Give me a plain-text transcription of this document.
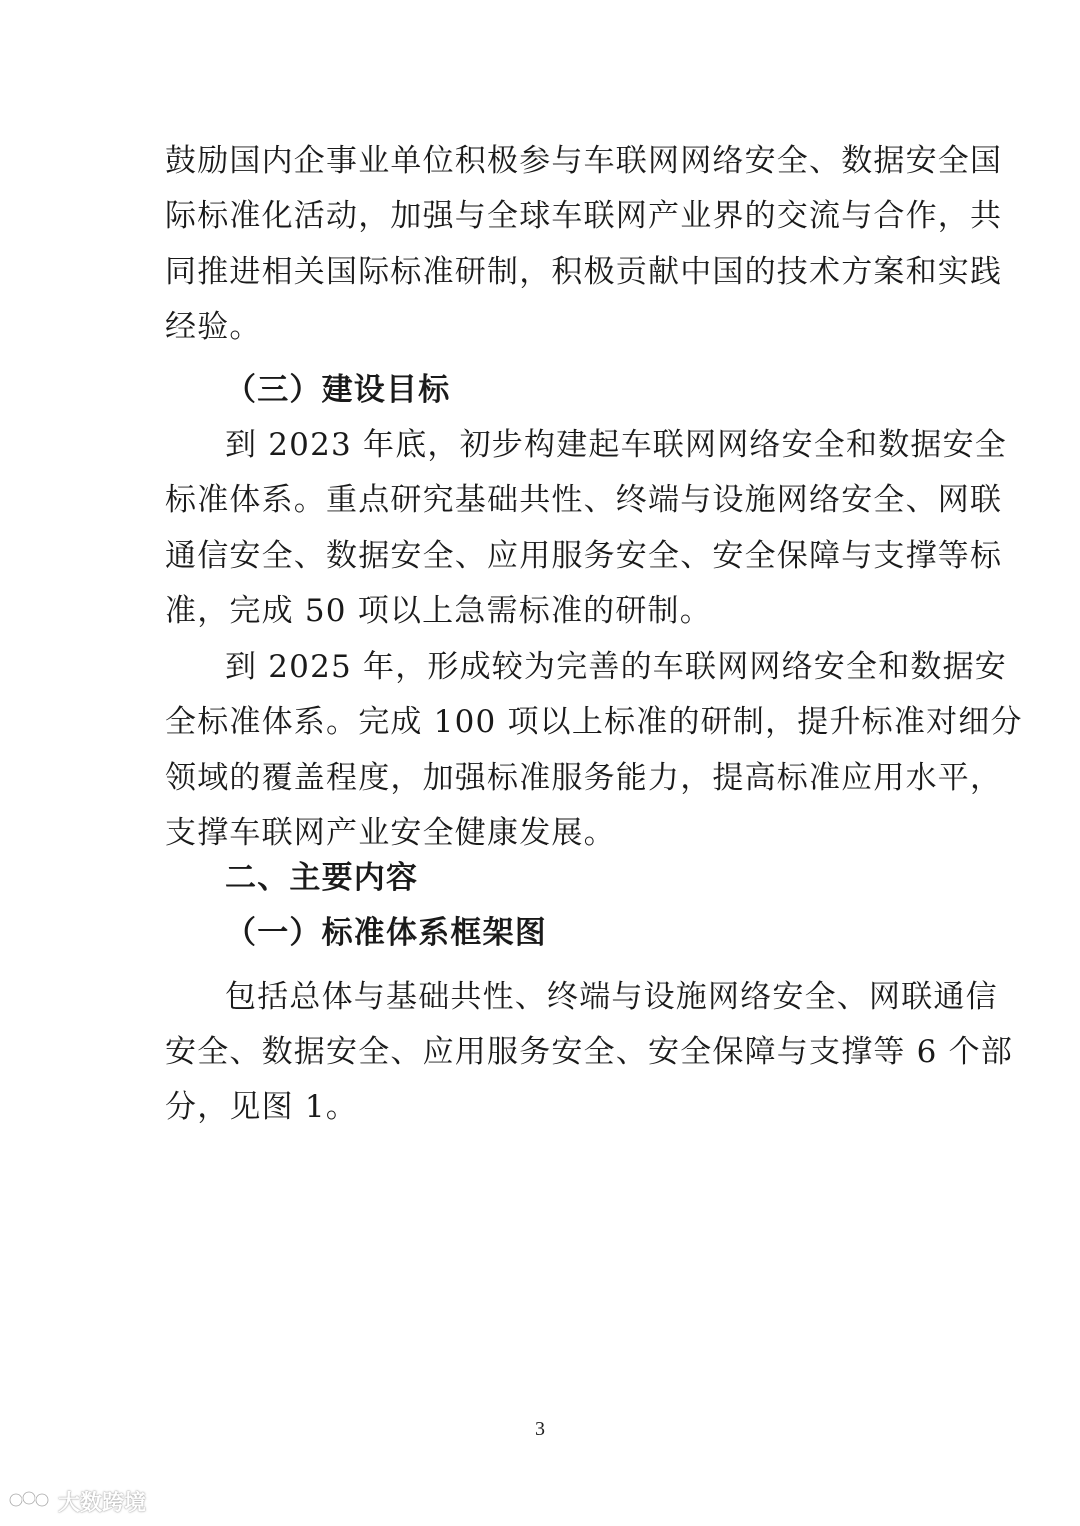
鼓励国内企事业单位积极参与车联网网络安全、数据安全国
际标准化活动，加强与全球车联网产业界的交流与合作，共
同推进相关国际标准研制，积极贡献中国的技术方案和实践
经验。
（三）建设目标
到 2023 年底，初步构建起车联网网络安全和数据安全
标准体系。重点研究基础共性、终端与设施网络安全、网联
通信安全、数据安全、应用服务安全、安全保障与支撑等标
准，完成 50 项以上急需标准的研制。
到 2025 年，形成较为完善的车联网网络安全和数据安
全标准体系。完成 100 项以上标准的研制，提升标准对细分
领域的覆盖程度，加强标准服务能力，提高标准应用水平，
支撑车联网产业安全健康发展。
二、主要内容
（一）标准体系框架图
包括总体与基础共性、终端与设施网络安全、网联通信
安全、数据安全、应用服务安全、安全保障与支撑等 6 个部
分，见图 1。
3
大数跨境
